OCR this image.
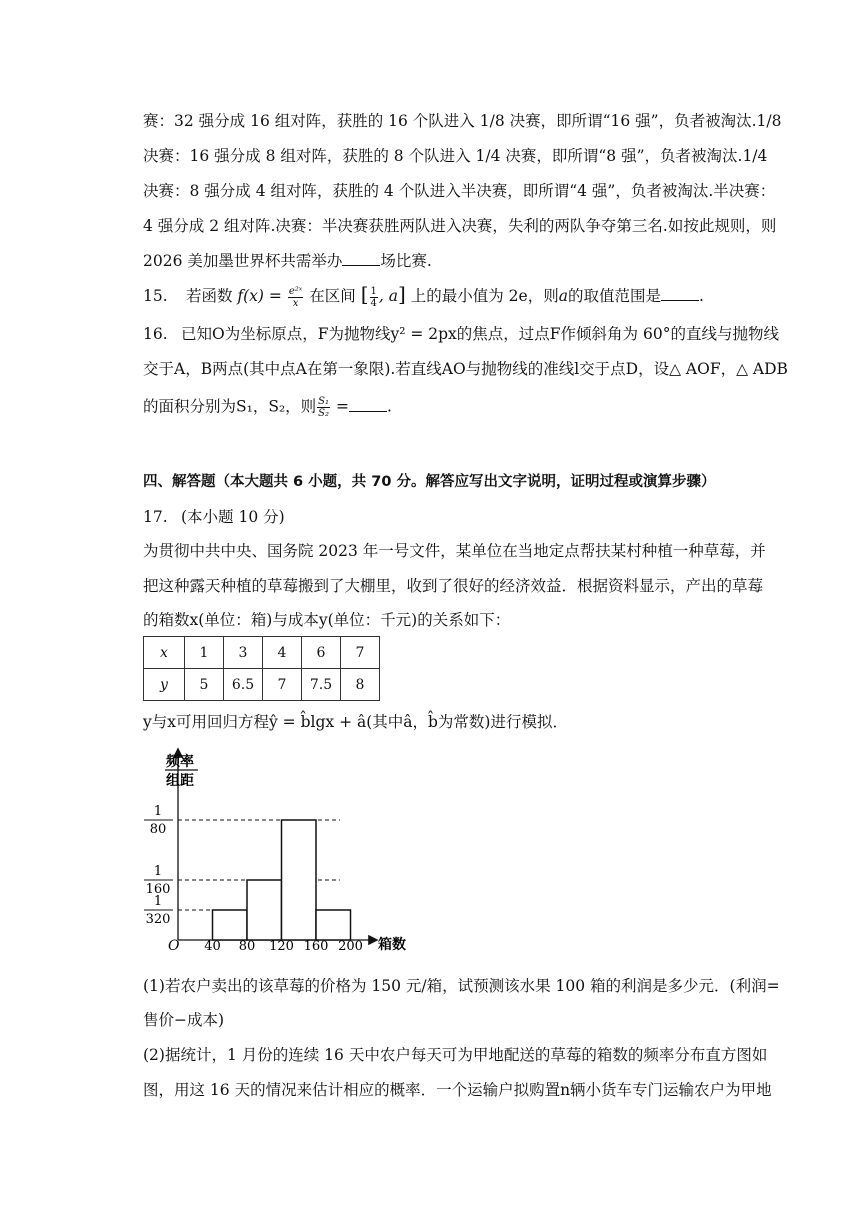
赛：32 强分成 16 组对阵，获胜的 16 个队进入 1/8 决赛，即所谓“16 强”，负者被淘汰.1/8
决赛：16 强分成 8 组对阵，获胜的 8 个队进入 1/4 决赛，即所谓“8 强”，负者被淘汰.1/4
决赛：8 强分成 4 组对阵，获胜的 4 个队进入半决赛，即所谓“4 强”，负者被淘汰.半决赛：
4 强分成 2 组对阵.决赛：半决赛获胜两队进入决赛，失利的两队争夺第三名.如按此规则，则
2026 美加墨世界杯共需举办 场比赛.
15. 若函数 $f(x) = \frac{\text{e²ˣ}}{x}$ 在区间 [ $\frac{1}{4}$ , a] 上的最小值为 2e，则a的取值范围是 .
16. 已知O为坐标原点，F为抛物线y² = 2px的焦点，过点F作倾斜角为 60°的直线与抛物线
交于A，B两点(其中点A在第一象限).若直线AO与抛物线的准线l交于点D，设△ AOF，△ ADB
的面积分别为S₁，S₂，则 $\frac{\text{S₁}}{\text{S₂}}$ = .
四、解答题（本大题共 6 小题，共 70 分。解答应写出文字说明，证明过程或演算步骤）
17. (本小题 10 分)
为贯彻中共中央、国务院 2023 年一号文件，某单位在当地定点帮扶某村种植一种草莓，并
把这种露天种植的草莓搬到了大棚里，收到了很好的经济效益．根据资料显示，产出的草莓
的箱数x(单位：箱)与成本y(单位：千元)的关系如下：
x	1	3	4	6	7
y	5	6.5	7	7.5	8
y与x可用回归方程ŷ = b̂lgx + â(其中â，b̂为常数)进行模拟．
频率
组距
O	箱数
1
80
1
160
1
320
40 80 120 160 200
(1)若农户卖出的该草莓的价格为 150 元/箱，试预测该水果 100 箱的利润是多少元．(利润=
售价−成本)
(2)据统计，1 月份的连续 16 天中农户每天可为甲地配送的草莓的箱数的频率分布直方图如
图，用这 16 天的情况来估计相应的概率．一个运输户拟购置n辆小货车专门运输农户为甲地
